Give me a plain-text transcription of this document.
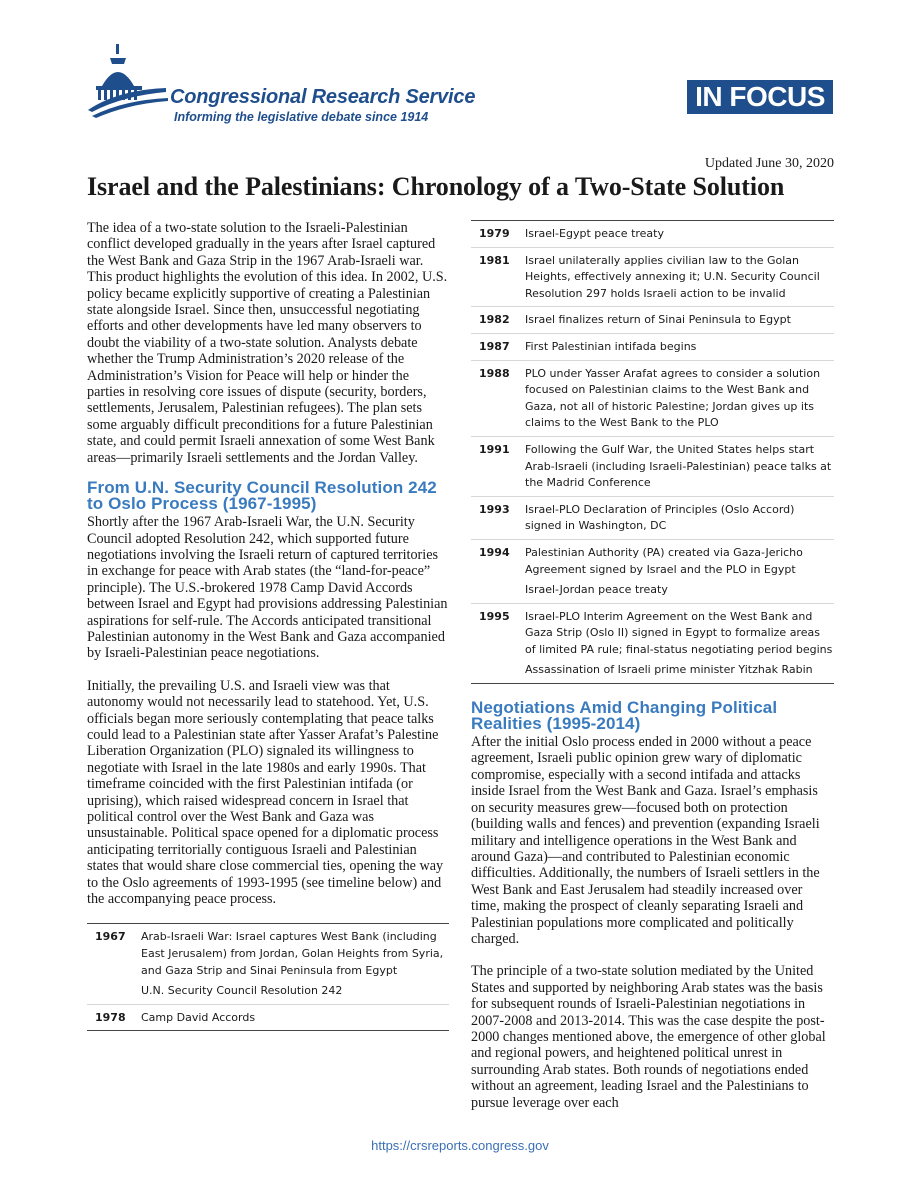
Congressional Research Service
Informing the legislative debate since 1914
IN FOCUS
Updated June 30, 2020
Israel and the Palestinians: Chronology of a Two-State Solution

The idea of a two-state solution to the Israeli-Palestinian conflict developed gradually in the years after Israel captured the West Bank and Gaza Strip in the 1967 Arab-Israeli war. This product highlights the evolution of this idea. In 2002, U.S. policy became explicitly supportive of creating a Palestinian state alongside Israel. Since then, unsuccessful negotiating efforts and other developments have led many observers to doubt the viability of a two-state solution. Analysts debate whether the Trump Administration’s 2020 release of the Administration’s Vision for Peace will help or hinder the parties in resolving core issues of dispute (security, borders, settlements, Jerusalem, Palestinian refugees). The plan sets some arguably difficult preconditions for a future Palestinian state, and could permit Israeli annexation of some West Bank areas—primarily Israeli settlements and the Jordan Valley.

From U.N. Security Council Resolution 242 to Oslo Process (1967-1995)

Shortly after the 1967 Arab-Israeli War, the U.N. Security Council adopted Resolution 242, which supported future negotiations involving the Israeli return of captured territories in exchange for peace with Arab states (the “land-for-peace” principle). The U.S.-brokered 1978 Camp David Accords between Israel and Egypt had provisions addressing Palestinian aspirations for self-rule. The Accords anticipated transitional Palestinian autonomy in the West Bank and Gaza accompanied by Israeli-Palestinian peace negotiations.

Initially, the prevailing U.S. and Israeli view was that autonomy would not necessarily lead to statehood. Yet, U.S. officials began more seriously contemplating that peace talks could lead to a Palestinian state after Yasser Arafat’s Palestine Liberation Organization (PLO) signaled its willingness to negotiate with Israel in the late 1980s and early 1990s. That timeframe coincided with the first Palestinian intifada (or uprising), which raised widespread concern in Israel that political control over the West Bank and Gaza was unsustainable. Political space opened for a diplomatic process anticipating territorially contiguous Israeli and Palestinian states that would share close commercial ties, opening the way to the Oslo agreements of 1993-1995 (see timeline below) and the accompanying peace process.

1967	Arab-Israeli War: Israel captures West Bank (including East Jerusalem) from Jordan, Golan Heights from Syria, and Gaza Strip and Sinai Peninsula from Egypt
U.N. Security Council Resolution 242
1978	Camp David Accords
1979	Israel-Egypt peace treaty
1981	Israel unilaterally applies civilian law to the Golan Heights, effectively annexing it; U.N. Security Council Resolution 297 holds Israeli action to be invalid
1982	Israel finalizes return of Sinai Peninsula to Egypt
1987	First Palestinian intifada begins
1988	PLO under Yasser Arafat agrees to consider a solution focused on Palestinian claims to the West Bank and Gaza, not all of historic Palestine; Jordan gives up its claims to the West Bank to the PLO
1991	Following the Gulf War, the United States helps start Arab-Israeli (including Israeli-Palestinian) peace talks at the Madrid Conference
1993	Israel-PLO Declaration of Principles (Oslo Accord) signed in Washington, DC
1994	Palestinian Authority (PA) created via Gaza-Jericho Agreement signed by Israel and the PLO in Egypt
Israel-Jordan peace treaty
1995	Israel-PLO Interim Agreement on the West Bank and Gaza Strip (Oslo II) signed in Egypt to formalize areas of limited PA rule; final-status negotiating period begins
Assassination of Israeli prime minister Yitzhak Rabin
Negotiations Amid Changing Political Realities (1995-2014)

After the initial Oslo process ended in 2000 without a peace agreement, Israeli public opinion grew wary of diplomatic compromise, especially with a second intifada and attacks inside Israel from the West Bank and Gaza. Israel’s emphasis on security measures grew—focused both on protection (building walls and fences) and prevention (expanding Israeli military and intelligence operations in the West Bank and around Gaza)—and contributed to Palestinian economic difficulties. Additionally, the numbers of Israeli settlers in the West Bank and East Jerusalem had steadily increased over time, making the prospect of cleanly separating Israeli and Palestinian populations more complicated and politically charged.

The principle of a two-state solution mediated by the United States and supported by neighboring Arab states was the basis for subsequent rounds of Israeli-Palestinian negotiations in 2007-2008 and 2013-2014. This was the case despite the post-2000 changes mentioned above, the emergence of other global and regional powers, and heightened political unrest in surrounding Arab states. Both rounds of negotiations ended without an agreement, leading Israel and the Palestinians to pursue leverage over each

https://crsreports.congress.gov
